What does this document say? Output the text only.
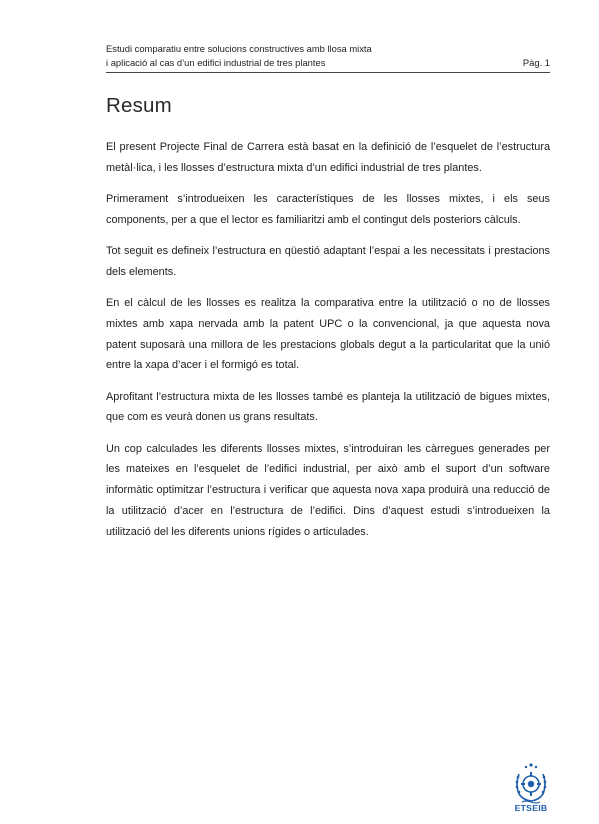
Estudi comparatiu entre solucions constructives amb llosa mixta
i aplicació al cas d’un edifici industrial de tres plantes	Pàg. 1
Resum

El present Projecte Final de Carrera està basat en la definició de l’esquelet de l’estructura metàl·lica, i les llosses d’estructura mixta d’un edifici industrial de tres plantes.

Primerament s’introdueixen les característiques de les llosses mixtes, i els seus components, per a que el lector es familiaritzi amb el contingut dels posteriors càlculs.

Tot seguit es defineix l’estructura en qüestió adaptant l’espai a les necessitats i prestacions dels elements.

En el càlcul de les llosses es realitza la comparativa entre la utilització o no de llosses mixtes amb xapa nervada amb la patent UPC o la convencional, ja que aquesta nova patent suposarà una millora de les prestacions globals degut a la particularitat que la unió entre la xapa d’acer i el formigó es total.

Aprofitant l’estructura mixta de les llosses també es planteja la utilització de bigues mixtes, que com es veurà donen us grans resultats.

Un cop calculades les diferents llosses mixtes, s’introduiran les càrregues generades per les mateixes en l’esquelet de l’edifici industrial, per això amb el suport d’un software informàtic optimitzar l’estructura i verificar que aquesta nova xapa produirà una reducció de la utilització d’acer en l’estructura de l’edifici. Dins d’aquest estudi s’introdueixen la utilització del les diferents unions rígides o articulades.

ETSEIB
